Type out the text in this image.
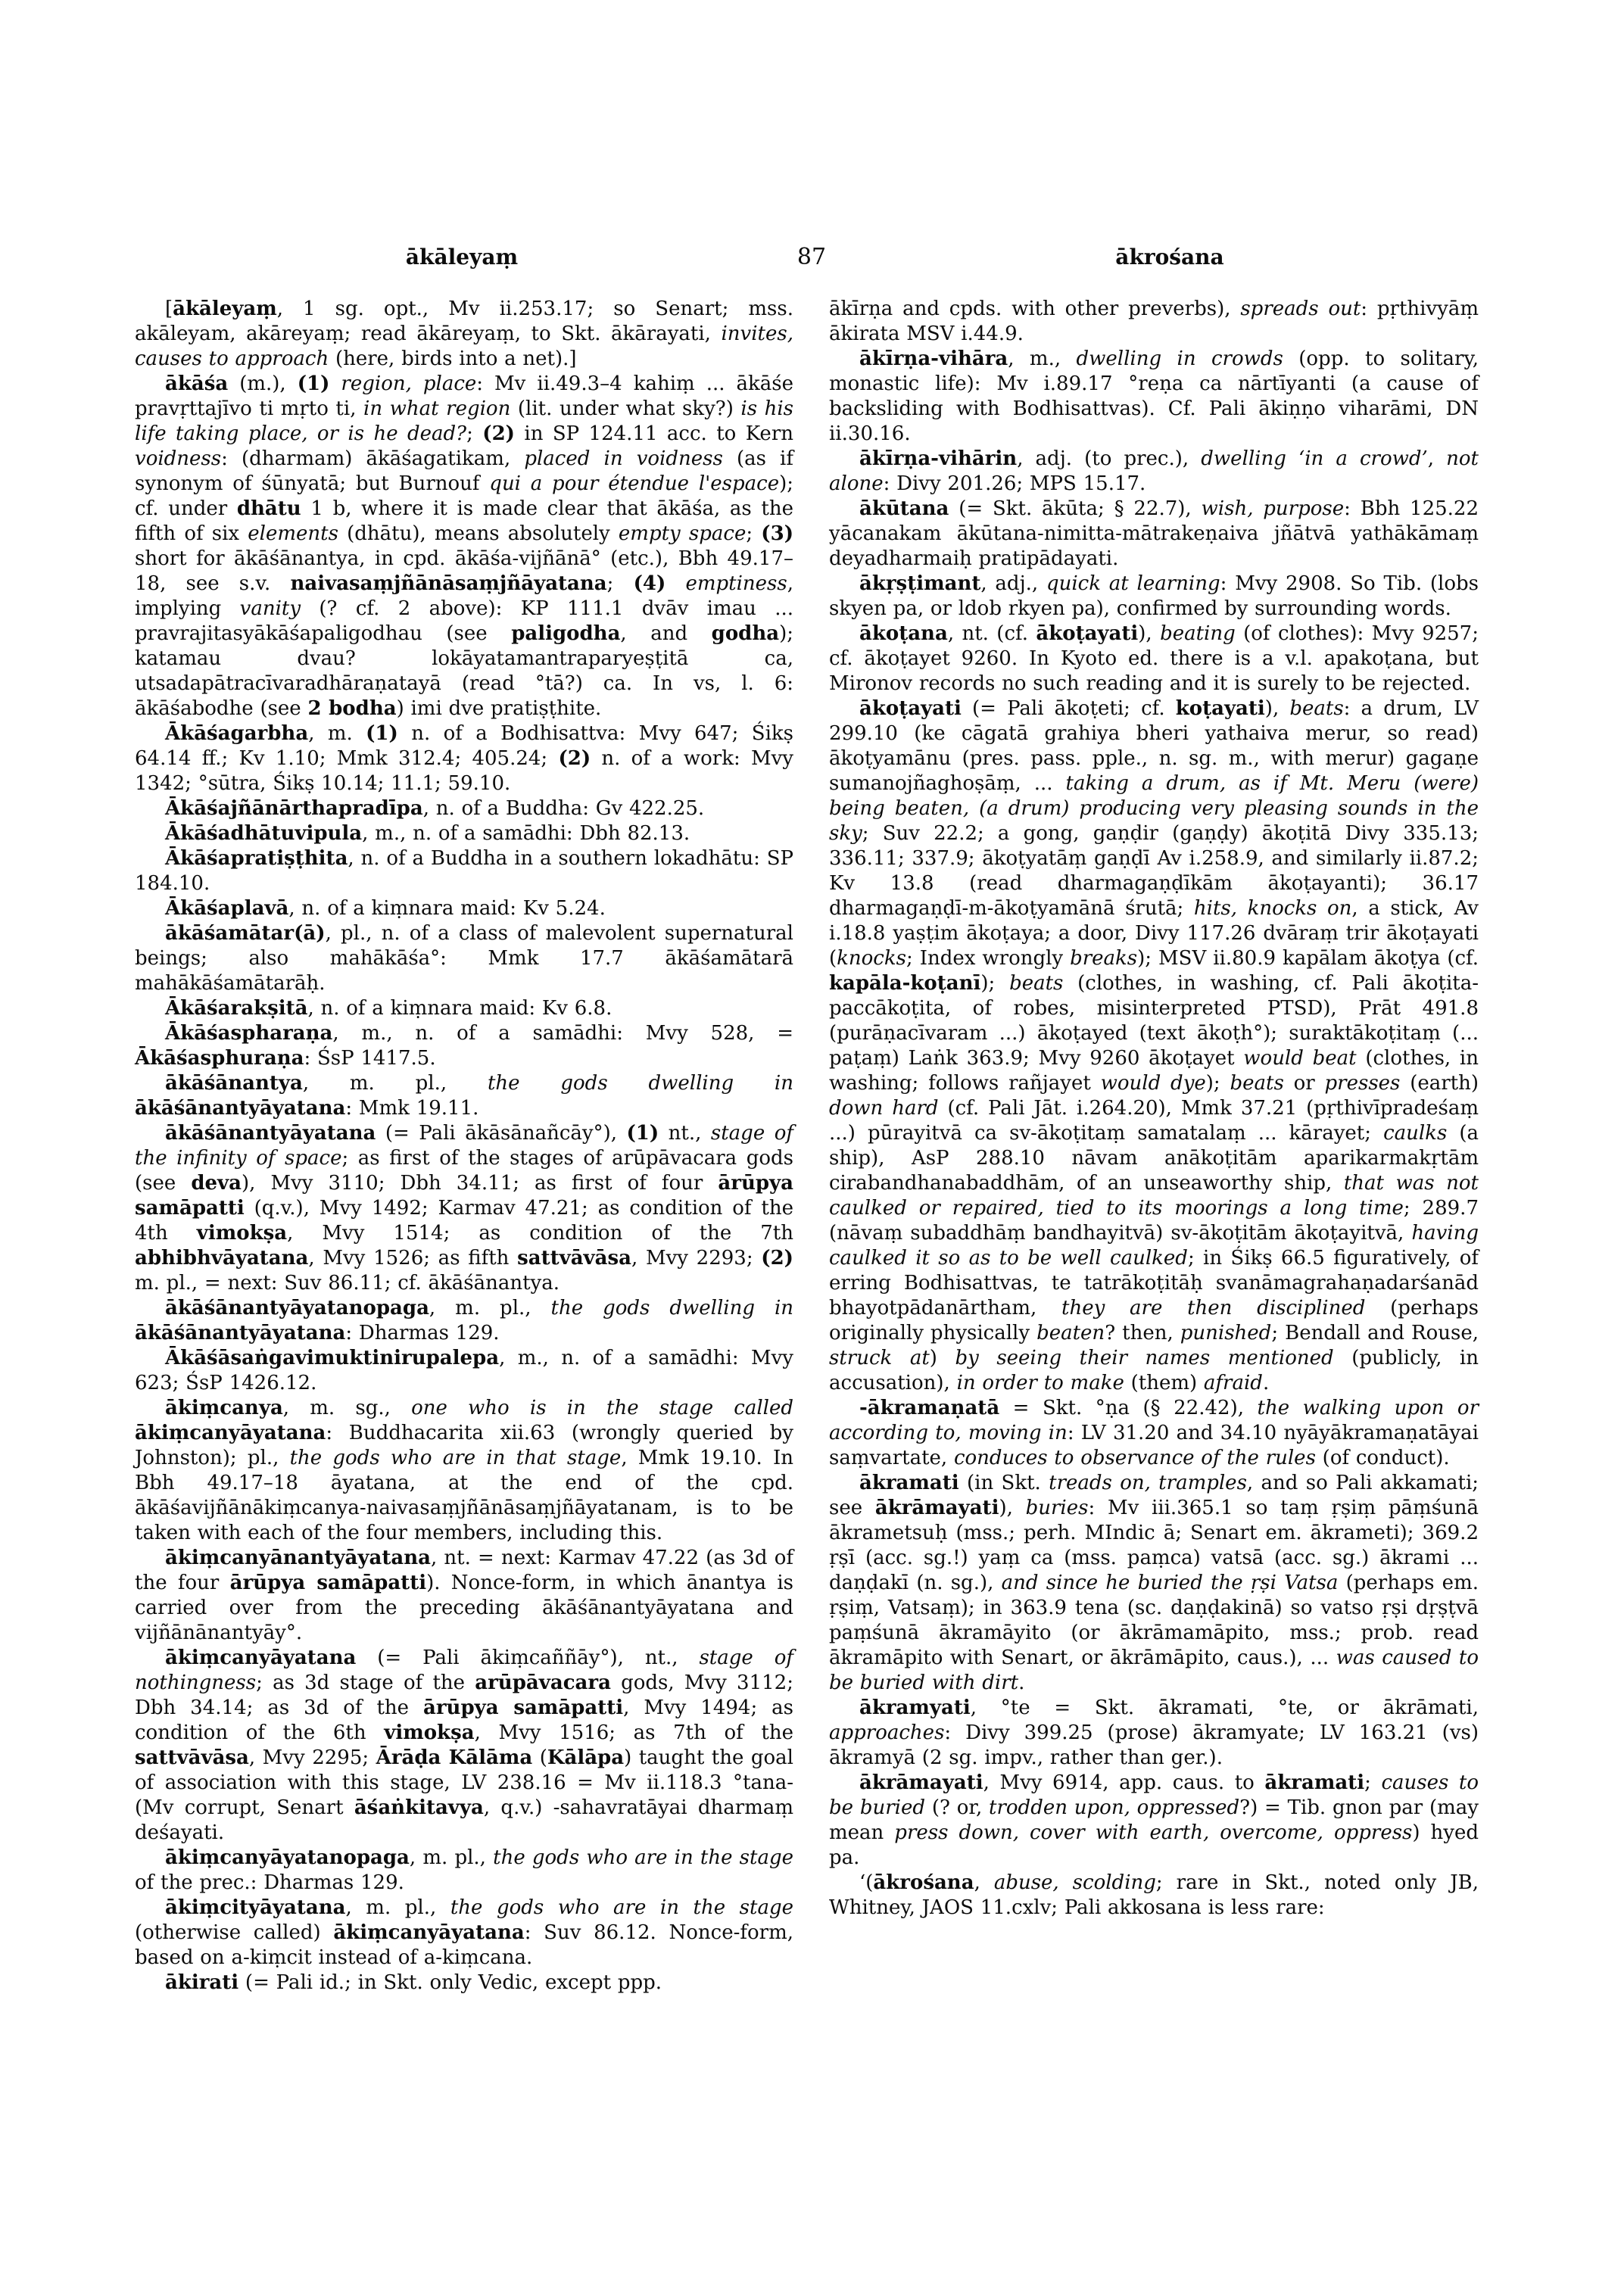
ākāleyaṃ	87	ākrośana

[ākāleyaṃ, 1 sg. opt., Mv ii.253.17; so Senart; mss. akāleyam, akāreyaṃ; read ākāreyaṃ, to Skt. ākārayati, invites, causes to approach (here, birds into a net).]

ākāśa (m.), (1) region, place: Mv ii.49.3–4 kahiṃ ... ākāśe pravṛttajīvo ti mṛto ti, in what region (lit. under what sky?) is his life taking place, or is he dead?; (2) in SP 124.11 acc. to Kern voidness: (dharmam) ākāśagatikam, placed in voidness (as if synonym of śūnyatā; but Burnouf qui a pour étendue l'espace); cf. under dhātu 1 b, where it is made clear that ākāśa, as the fifth of six elements (dhātu), means absolutely empty space; (3) short for ākāśānantya, in cpd. ākāśa-vijñānā° (etc.), Bbh 49.17–18, see s.v. naivasaṃjñānāsaṃjñāyatana; (4) emptiness, implying vanity (? cf. 2 above): KP 111.1 dvāv imau ... pravrajitasyākāśapaligodhau (see paligodha, and godha); katamau dvau? lokāyatamantraparyeṣṭitā ca, utsadapātracīvaradhāraṇatayā (read °tā?) ca. In vs, l. 6: ākāśabodhe (see 2 bodha) imi dve pratiṣṭhite.

Ākāśagarbha, m. (1) n. of a Bodhisattva: Mvy 647; Śikṣ 64.14 ff.; Kv 1.10; Mmk 312.4; 405.24; (2) n. of a work: Mvy 1342; °sūtra, Śikṣ 10.14; 11.1; 59.10.

Ākāśajñānārthapradīpa, n. of a Buddha: Gv 422.25.

Ākāśadhātuvipula, m., n. of a samādhi: Dbh 82.13.

Ākāśapratiṣṭhita, n. of a Buddha in a southern lokadhātu: SP 184.10.

Ākāśaplavā, n. of a kiṃnara maid: Kv 5.24.

ākāśamātar(ā), pl., n. of a class of malevolent supernatural beings; also mahākāśa°: Mmk 17.7 ākāśamātarā mahākāśamātarāḥ.

Ākāśarakṣitā, n. of a kiṃnara maid: Kv 6.8.

Ākāśaspharaṇa, m., n. of a samādhi: Mvy 528, = Ākāśasphuraṇa: ŚsP 1417.5.

ākāśānantya, m. pl., the gods dwelling in ākāśānantyāyatana: Mmk 19.11.

ākāśānantyāyatana (= Pali ākāsānañcāy°), (1) nt., stage of the infinity of space; as first of the stages of arūpāvacara gods (see deva), Mvy 3110; Dbh 34.11; as first of four ārūpya samāpatti (q.v.), Mvy 1492; Karmav 47.21; as condition of the 4th vimokṣa, Mvy 1514; as condition of the 7th abhibhvāyatana, Mvy 1526; as fifth sattvāvāsa, Mvy 2293; (2) m. pl., = next: Suv 86.11; cf. ākāśānantya.

ākāśānantyāyatanopaga, m. pl., the gods dwelling in ākāśānantyāyatana: Dharmas 129.

Ākāśāsaṅgavimuktinirupalepa, m., n. of a samādhi: Mvy 623; ŚsP 1426.12.

ākiṃcanya, m. sg., one who is in the stage called ākiṃcanyāyatana: Buddhacarita xii.63 (wrongly queried by Johnston); pl., the gods who are in that stage, Mmk 19.10. In Bbh 49.17–18 āyatana, at the end of the cpd. ākāśavijñānākiṃcanya-naivasaṃjñānāsaṃjñāyatanam, is to be taken with each of the four members, including this.

ākiṃcanyānantyāyatana, nt. = next: Karmav 47.22 (as 3d of the four ārūpya samāpatti). Nonce-form, in which ānantya is carried over from the preceding ākāśānantyāyatana and vijñānānantyāy°.

ākiṃcanyāyatana (= Pali ākiṃcaññāy°), nt., stage of nothingness; as 3d stage of the arūpāvacara gods, Mvy 3112; Dbh 34.14; as 3d of the ārūpya samāpatti, Mvy 1494; as condition of the 6th vimokṣa, Mvy 1516; as 7th of the sattvāvāsa, Mvy 2295; Ārāḍa Kālāma (Kālāpa) taught the goal of association with this stage, LV 238.16 = Mv ii.118.3 °tana- (Mv corrupt, Senart āśaṅkitavya, q.v.) -sahavratāyai dharmaṃ deśayati.

ākiṃcanyāyatanopaga, m. pl., the gods who are in the stage of the prec.: Dharmas 129.

ākiṃcityāyatana, m. pl., the gods who are in the stage (otherwise called) ākiṃcanyāyatana: Suv 86.12. Nonce-form, based on a-kiṃcit instead of a-kiṃcana.

ākirati (= Pali id.; in Skt. only Vedic, except ppp.

ākīrṇa and cpds. with other preverbs), spreads out: pṛthivyāṃ ākirata MSV i.44.9.

ākīrṇa-vihāra, m., dwelling in crowds (opp. to solitary, monastic life): Mv i.89.17 °reṇa ca nārtīyanti (a cause of backsliding with Bodhisattvas). Cf. Pali ākiṇṇo viharāmi, DN ii.30.16.

ākīrṇa-vihārin, adj. (to prec.), dwelling ‘in a crowd’, not alone: Divy 201.26; MPS 15.17.

ākūtana (= Skt. ākūta; § 22.7), wish, purpose: Bbh 125.22 yācanakam ākūtana-nimitta-mātrakeṇaiva jñātvā yathākāmaṃ deyadharmaiḥ pratipādayati.

ākṛṣṭimant, adj., quick at learning: Mvy 2908. So Tib. (lobs skyen pa, or ldob rkyen pa), confirmed by surrounding words.

ākoṭana, nt. (cf. ākoṭayati), beating (of clothes): Mvy 9257; cf. ākoṭayet 9260. In Kyoto ed. there is a v.l. apakoṭana, but Mironov records no such reading and it is surely to be rejected.

ākoṭayati (= Pali ākoṭeti; cf. koṭayati), beats: a drum, LV 299.10 (ke cāgatā grahiya bheri yathaiva merur, so read) ākoṭyamānu (pres. pass. pple., n. sg. m., with merur) gagaṇe sumanojñaghoṣāṃ, ... taking a drum, as if Mt. Meru (were) being beaten, (a drum) producing very pleasing sounds in the sky; Suv 22.2; a gong, gaṇḍir (gaṇḍy) ākoṭitā Divy 335.13; 336.11; 337.9; ākoṭyatāṃ gaṇḍī Av i.258.9, and similarly ii.87.2; Kv 13.8 (read dharmagaṇḍīkām ākoṭayanti); 36.17 dharmagaṇḍī-m-ākoṭyamānā śrutā; hits, knocks on, a stick, Av i.18.8 yaṣṭim ākoṭaya; a door, Divy 117.26 dvāraṃ trir ākoṭayati (knocks; Index wrongly breaks); MSV ii.80.9 kapālam ākoṭya (cf. kapāla-koṭanī); beats (clothes, in washing, cf. Pali ākoṭita-paccākoṭita, of robes, misinterpreted PTSD), Prāt 491.8 (purāṇacīvaram ...) ākoṭayed (text ākoṭh°); suraktākoṭitaṃ (... paṭaṃ) Laṅk 363.9; Mvy 9260 ākoṭayet would beat (clothes, in washing; follows rañjayet would dye); beats or presses (earth) down hard (cf. Pali Jāt. i.264.20), Mmk 37.21 (pṛthivīpradeśaṃ ...) pūrayitvā ca sv-ākoṭitaṃ samatalaṃ ... kārayet; caulks (a ship), AsP 288.10 nāvam anākoṭitām aparikarmakṛtām cirabandhanabaddhām, of an unseaworthy ship, that was not caulked or repaired, tied to its moorings a long time; 289.7 (nāvaṃ subaddhāṃ bandhayitvā) sv-ākoṭitām ākoṭayitvā, having caulked it so as to be well caulked; in Śikṣ 66.5 figuratively, of erring Bodhisattvas, te tatrākoṭitāḥ svanāmagrahaṇadarśanād bhayotpādanārtham, they are then disciplined (perhaps originally physically beaten? then, punished; Bendall and Rouse, struck at) by seeing their names mentioned (publicly, in accusation), in order to make (them) afraid.

-ākramaṇatā = Skt. °ṇa (§ 22.42), the walking upon or according to, moving in: LV 31.20 and 34.10 nyāyākramaṇatāyai saṃvartate, conduces to observance of the rules (of conduct).

ākramati (in Skt. treads on, tramples, and so Pali akkamati; see ākrāmayati), buries: Mv iii.365.1 so taṃ ṛṣiṃ pāṃśunā ākrametsuḥ (mss.; perh. MIndic ā; Senart em. ākrameti); 369.2 ṛṣī (acc. sg.!) yaṃ ca (mss. paṃca) vatsā (acc. sg.) ākrami ... daṇḍakī (n. sg.), and since he buried the ṛṣi Vatsa (perhaps em. ṛṣiṃ, Vatsaṃ); in 363.9 tena (sc. daṇḍakinā) so vatso ṛṣi dṛṣṭvā paṃśunā ākramāyito (or ākrāmamāpito, mss.; prob. read ākramāpito with Senart, or ākrāmāpito, caus.), ... was caused to be buried with dirt.

ākramyati, °te = Skt. ākramati, °te, or ākrāmati, approaches: Divy 399.25 (prose) ākramyate; LV 163.21 (vs) ākramyā (2 sg. impv., rather than ger.).

ākrāmayati, Mvy 6914, app. caus. to ākramati; causes to be buried (? or, trodden upon, oppressed?) = Tib. gnon par (may mean press down, cover with earth, overcome, oppress) hyed pa.

‘(ākrośana, abuse, scolding; rare in Skt., noted only JB, Whitney, JAOS 11.cxlv; Pali akkosana is less rare:
